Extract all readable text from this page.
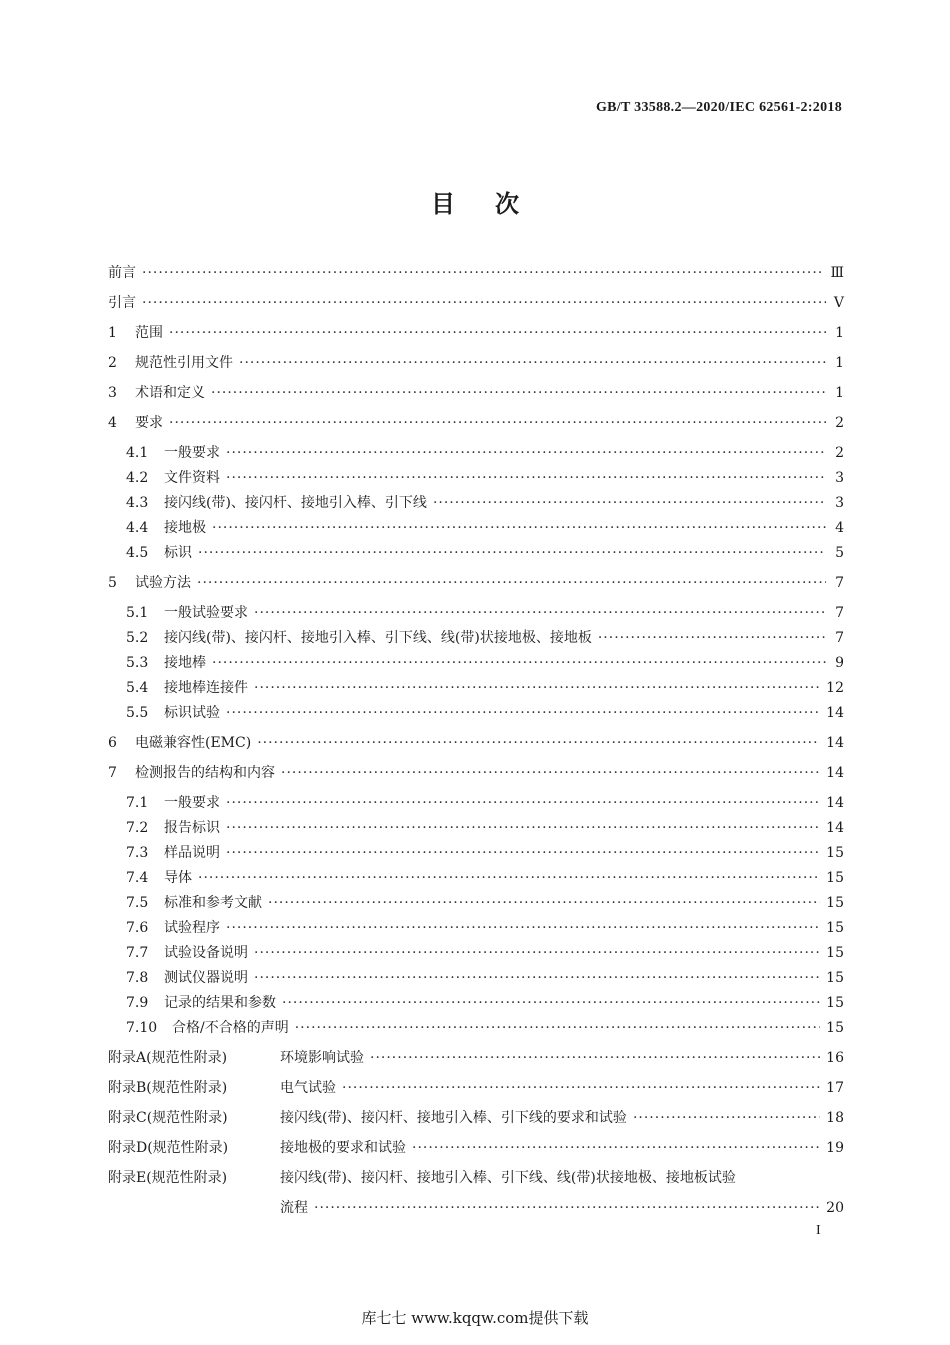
GB/T 33588.2—2020/IEC 62561-2:2018
目次
前言 ·····	Ⅲ
引言 ·····	Ⅴ
1	范围 ·····	1
2	规范性引用文件 ·····	1
3	术语和定义 ·····	1
4	要求 ·····	2
4.1	一般要求 ·····	2
4.2	文件资料 ·····	3
4.3	接闪线(带)、接闪杆、接地引入棒、引下线 ·····	3
4.4	接地极 ·····	4
4.5	标识 ·····	5
5	试验方法 ·····	7
5.1	一般试验要求 ·····	7
5.2	接闪线(带)、接闪杆、接地引入棒、引下线、线(带)状接地极、接地板 ·····	7
5.3	接地棒 ·····	9
5.4	接地棒连接件 ·····	12
5.5	标识试验 ·····	14
6	电磁兼容性(EMC) ·····	14
7	检测报告的结构和内容 ·····	14
7.1	一般要求 ·····	14
7.2	报告标识 ·····	14
7.3	样品说明 ·····	15
7.4	导体 ·····	15
7.5	标准和参考文献 ·····	15
7.6	试验程序 ·····	15
7.7	试验设备说明 ·····	15
7.8	测试仪器说明 ·····	15
7.9	记录的结果和参数 ·····	15
7.10	合格/不合格的声明 ·····	15
附录A(规范性附录)	环境影响试验 ·····	16
附录B(规范性附录)	电气试验 ·····	17
附录C(规范性附录)	接闪线(带)、接闪杆、接地引入棒、引下线的要求和试验 ·····	18
附录D(规范性附录)	接地极的要求和试验 ·····	19
附录E(规范性附录)	接闪线(带)、接闪杆、接地引入棒、引下线、线(带)状接地极、接地板试验
流程 ·····	20
I
库七七 www.kqqw.com提供下载
